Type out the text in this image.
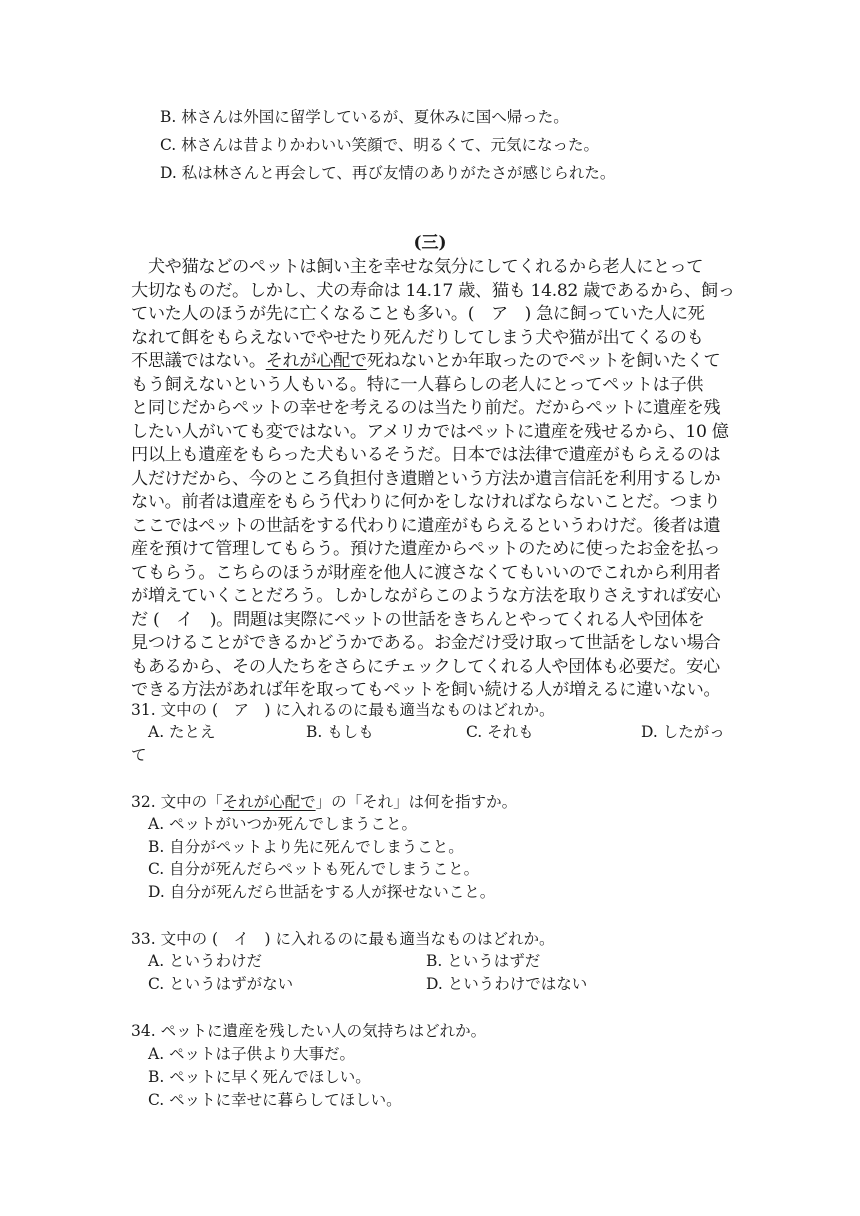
B. 林さんは外国に留学しているが、夏休みに国へ帰った。
C. 林さんは昔よりかわいい笑顔で、明るくて、元気になった。
D. 私は林さんと再会して、再び友情のありがたさが感じられた。
(三)
　犬や猫などのペットは飼い主を幸せな気分にしてくれるから老人にとって
大切なものだ。しかし、犬の寿命は 14.17 歳、猫も 14.82 歳であるから、飼っ
ていた人のほうが先に亡くなることも多い。(　ア　) 急に飼っていた人に死
なれて餌をもらえないでやせたり死んだりしてしまう犬や猫が出てくるのも
不思議ではない。それが心配で死ねないとか年取ったのでペットを飼いたくて
もう飼えないという人もいる。特に一人暮らしの老人にとってペットは子供
と同じだからペットの幸せを考えるのは当たり前だ。だからペットに遺産を残
したい人がいても変ではない。アメリカではペットに遺産を残せるから、10 億
円以上も遺産をもらった犬もいるそうだ。日本では法律で遺産がもらえるのは
人だけだから、今のところ負担付き遺贈という方法か遺言信託を利用するしか
ない。前者は遺産をもらう代わりに何かをしなければならないことだ。つまり
ここではペットの世話をする代わりに遺産がもらえるというわけだ。後者は遺
産を預けて管理してもらう。預けた遺産からペットのために使ったお金を払っ
てもらう。こちらのほうが財産を他人に渡さなくてもいいのでこれから利用者
が増えていくことだろう。しかしながらこのような方法を取りさえすれば安心
だ (　イ　)。問題は実際にペットの世話をきちんとやってくれる人や団体を
見つけることができるかどうかである。お金だけ受け取って世話をしない場合
もあるから、その人たちをさらにチェックしてくれる人や団体も必要だ。安心
できる方法があれば年を取ってもペットを飼い続ける人が増えるに違いない。
31. 文中の (　ア　) に入れるのに最も適当なものはどれか。
A. たとえ	B. もしも	C. それも	D. したがっ
て
32. 文中の「それが心配で」の「それ」は何を指すか。
A. ペットがいつか死んでしまうこと。
B. 自分がペットより先に死んでしまうこと。
C. 自分が死んだらペットも死んでしまうこと。
D. 自分が死んだら世話をする人が探せないこと。
33. 文中の (　イ　) に入れるのに最も適当なものはどれか。
A. というわけだ	B. というはずだ
C. というはずがない	D. というわけではない
34. ペットに遺産を残したい人の気持ちはどれか。
A. ペットは子供より大事だ。
B. ペットに早く死んでほしい。
C. ペットに幸せに暮らしてほしい。
